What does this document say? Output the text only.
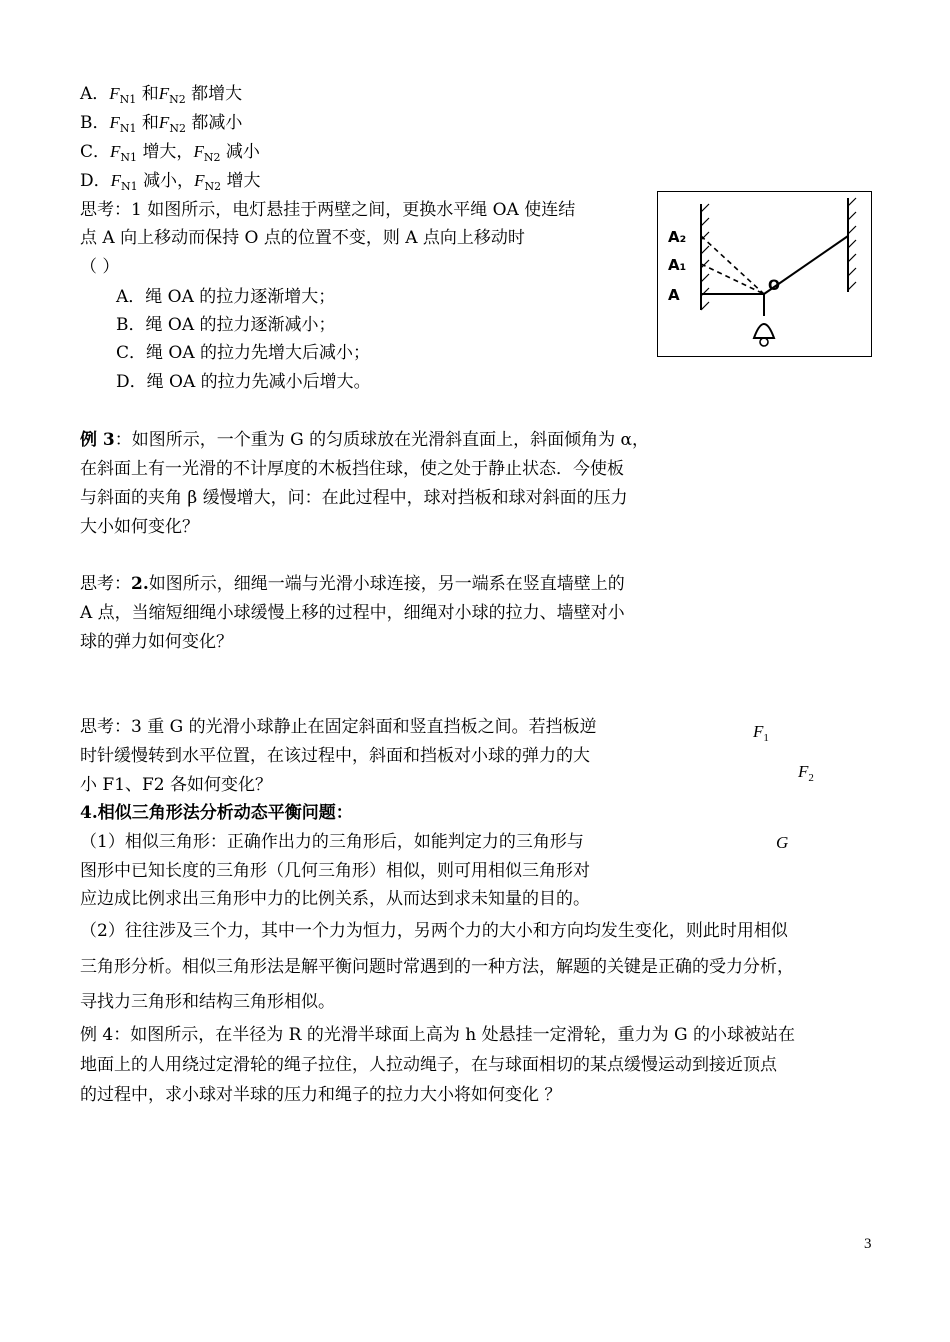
A．$F_{N1}$ 和$F_{N2}$ 都增大
B．$F_{N1}$ 和$F_{N2}$ 都减小
C．$F_{N1}$ 增大，$F_{N2}$ 减小
D．$F_{N1}$ 减小，$F_{N2}$ 增大
思考：1 如图所示，电灯悬挂于两壁之间，更换水平绳 OA 使连结
点 A 向上移动而保持 O 点的位置不变，则 A 点向上移动时
（ ）
A．绳 OA 的拉力逐渐增大；
B．绳 OA 的拉力逐渐减小；
C．绳 OA 的拉力先增大后减小；
D．绳 OA 的拉力先减小后增大。
A₂
A₁
A	O
例 3：如图所示，一个重为 G 的匀质球放在光滑斜直面上，斜面倾角为 α，
在斜面上有一光滑的不计厚度的木板挡住球，使之处于静止状态．今使板
与斜面的夹角 β 缓慢增大，问：在此过程中，球对挡板和球对斜面的压力
大小如何变化？
思考：2.如图所示，细绳一端与光滑小球连接，另一端系在竖直墙壁上的
A 点，当缩短细绳小球缓慢上移的过程中，细绳对小球的拉力、墙壁对小
球的弹力如何变化？
思考：3 重 G 的光滑小球静止在固定斜面和竖直挡板之间。若挡板逆
时针缓慢转到水平位置，在该过程中，斜面和挡板对小球的弹力的大
小 F1、F2 各如何变化？
$F_1$
$F_2$
G
4.相似三角形法分析动态平衡问题：
（1）相似三角形：正确作出力的三角形后，如能判定力的三角形与
图形中已知长度的三角形（几何三角形）相似，则可用相似三角形对
应边成比例求出三角形中力的比例关系，从而达到求未知量的目的。
（2）往往涉及三个力，其中一个力为恒力，另两个力的大小和方向均发生变化，则此时用相似
三角形分析。相似三角形法是解平衡问题时常遇到的一种方法，解题的关键是正确的受力分析，
寻找力三角形和结构三角形相似。
例 4：如图所示，在半径为 R 的光滑半球面上高为 h 处悬挂一定滑轮，重力为 G 的小球被站在
地面上的人用绕过定滑轮的绳子拉住，人拉动绳子，在与球面相切的某点缓慢运动到接近顶点
的过程中，求小球对半球的压力和绳子的拉力大小将如何变化 ？
3
